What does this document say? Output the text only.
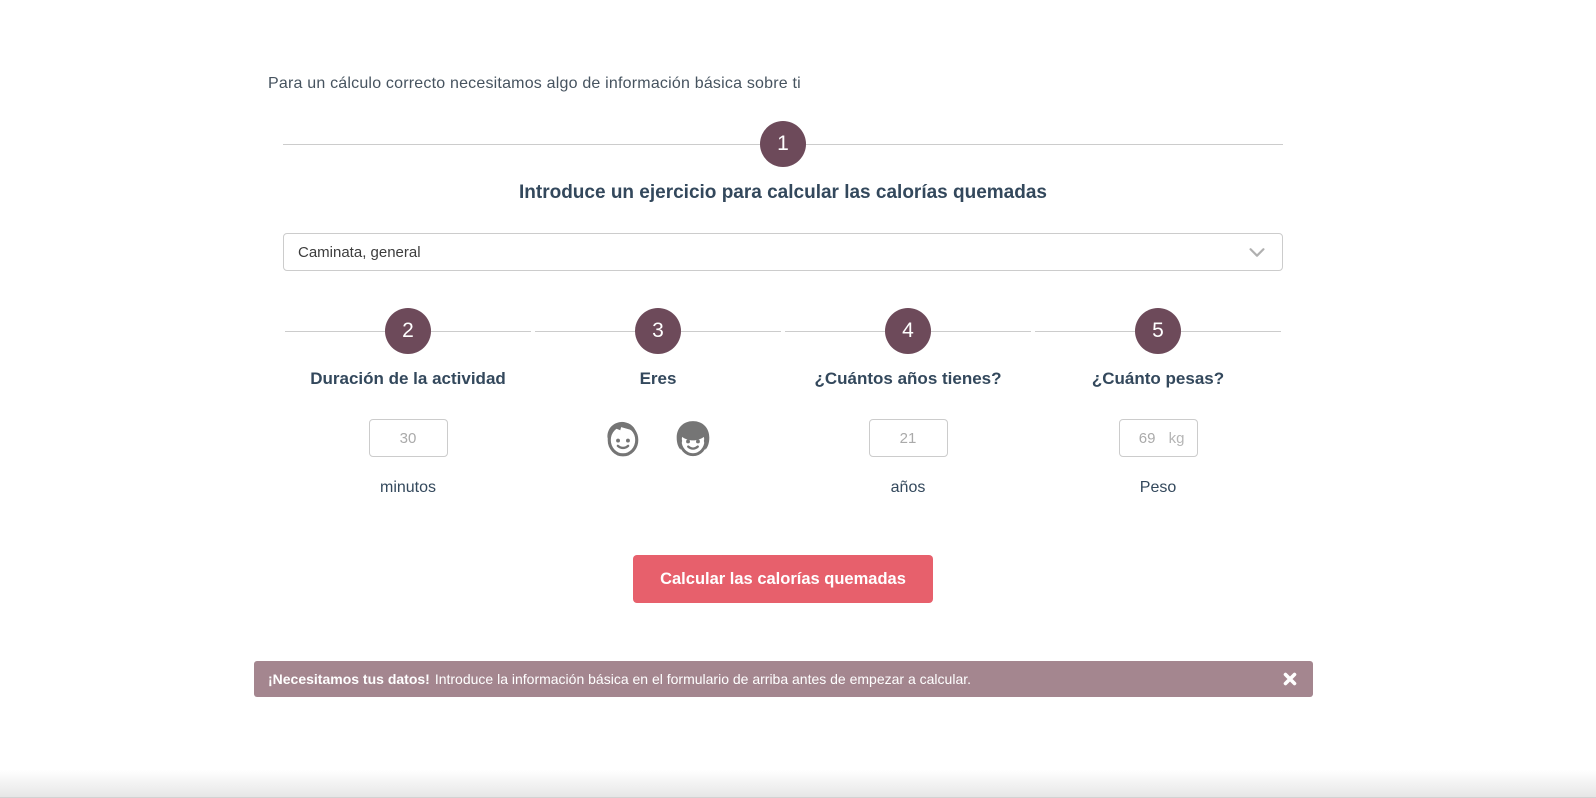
Para un cálculo correcto necesitamos algo de información básica sobre ti
1
Introduce un ejercicio para calcular las calorías quemadas
Caminata, general
2
Duración de la actividad
30
minutos
3
Eres

4
¿Cuántos años tienes?
21
años
5
¿Cuánto pesas?
69
kg
Peso
Calcular las calorías quemadas
¡Necesitamos tus datos! Introduce la información básica en el formulario de arriba antes de empezar a calcular.
